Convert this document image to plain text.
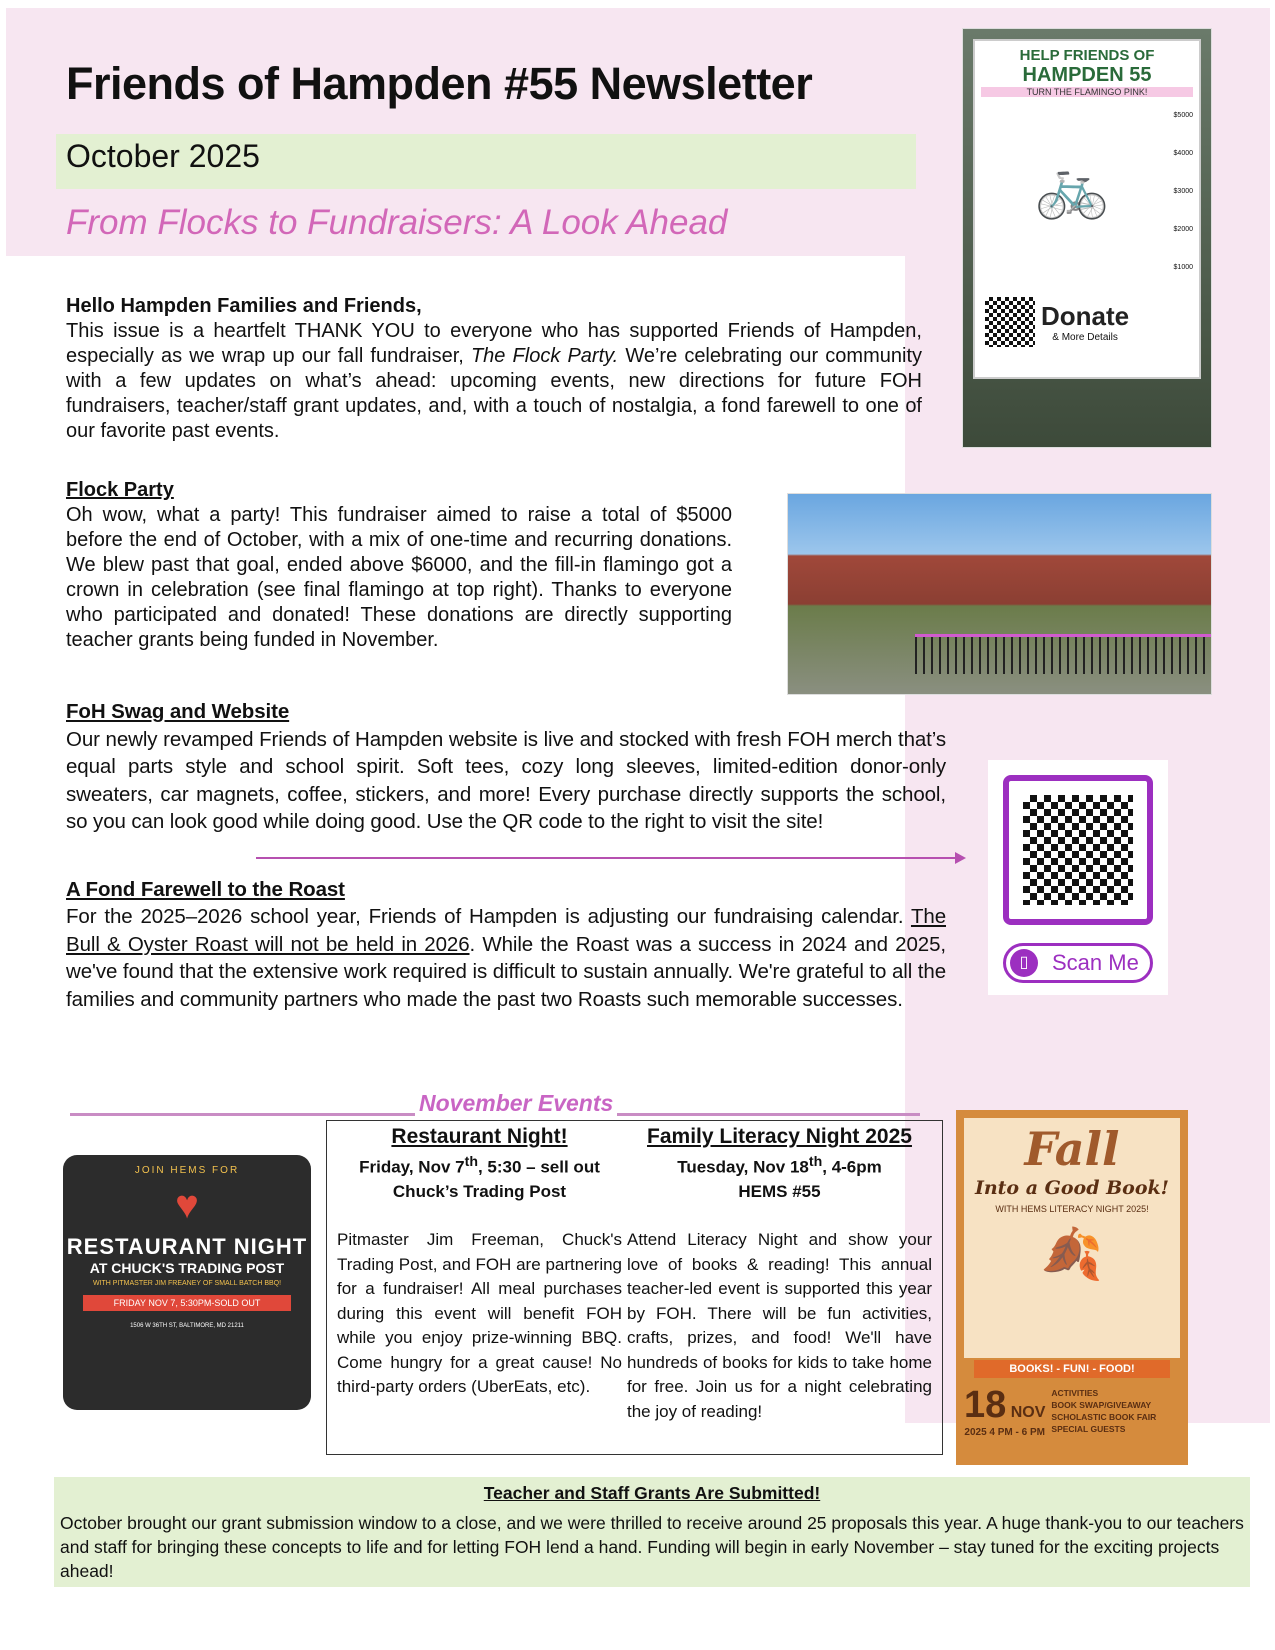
Friends of Hampden #55 Newsletter
October 2025
From Flocks to Fundraisers: A Look Ahead
HELP FRIENDS OF
HAMPDEN 55
TURN THE FLAMINGO PINK!
🚲
$5000
$4000
$3000
$2000
$1000
Donate
& More Details
Hello Hampden Families and Friends,
This issue is a heartfelt THANK YOU to everyone who has supported Friends of Hampden, especially as we wrap up our fall fundraiser, The Flock Party. We’re celebrating our community with a few updates on what’s ahead: upcoming events, new directions for future FOH fundraisers, teacher/staff grant updates, and, with a touch of nostalgia, a fond farewell to one of our favorite past events.
Flock Party
Oh wow, what a party! This fundraiser aimed to raise a total of $5000 before the end of October, with a mix of one-time and recurring donations. We blew past that goal, ended above $6000, and the fill-in flamingo got a crown in celebration (see final flamingo at top right). Thanks to everyone who participated and donated! These donations are directly supporting teacher grants being funded in November.
FoH Swag and Website
Our newly revamped Friends of Hampden website is live and stocked with fresh FOH merch that’s equal parts style and school spirit. Soft tees, cozy long sleeves, limited-edition donor-only sweaters, car magnets, coffee, stickers, and more! Every purchase directly supports the school, so you can look good while doing good. Use the QR code to the right to visit the site!
A Fond Farewell to the Roast
For the 2025–2026 school year, Friends of Hampden is adjusting our fundraising calendar. The Bull & Oyster Roast will not be held in 2026. While the Roast was a success in 2024 and 2025, we've found that the extensive work required is difficult to sustain annually. We're grateful to all the families and community partners who made the past two Roasts such memorable successes.
▯	Scan Me
November Events
Restaurant Night!
Friday, Nov 7th, 5:30 – sell out
Chuck’s Trading Post
Pitmaster Jim Freeman, Chuck's Trading Post, and FOH are partnering for a fundraiser! All meal purchases during this event will benefit FOH while you enjoy prize-winning BBQ. Come hungry for a great cause! No third-party orders (UberEats, etc).
Family Literacy Night 2025
Tuesday, Nov 18th, 4-6pm
HEMS #55
Attend Literacy Night and show your love of books & reading! This annual teacher-led event is supported this year by FOH. There will be fun activities, crafts, prizes, and food! We'll have hundreds of books for kids to take home for free. Join us for a night celebrating the joy of reading!
JOIN HEMS FOR
♥
RESTAURANT NIGHT
AT CHUCK'S TRADING POST
WITH PITMASTER JIM FREANEY OF SMALL BATCH BBQ!
FRIDAY NOV 7, 5:30PM-SOLD OUT
1506 W 36TH ST, BALTIMORE, MD 21211
Fall
Into a Good Book!
WITH HEMS LITERACY NIGHT 2025!
🍂
BOOKS! - FUN! - FOOD!
18 NOV
2025 4 PM - 6 PM
ACTIVITIES
BOOK SWAP/GIVEAWAY
SCHOLASTIC BOOK FAIR
SPECIAL GUESTS
Teacher and Staff Grants Are Submitted!
October brought our grant submission window to a close, and we were thrilled to receive around 25 proposals this year. A huge thank-you to our teachers and staff for bringing these concepts to life and for letting FOH lend a hand. Funding will begin in early November – stay tuned for the exciting projects ahead!
